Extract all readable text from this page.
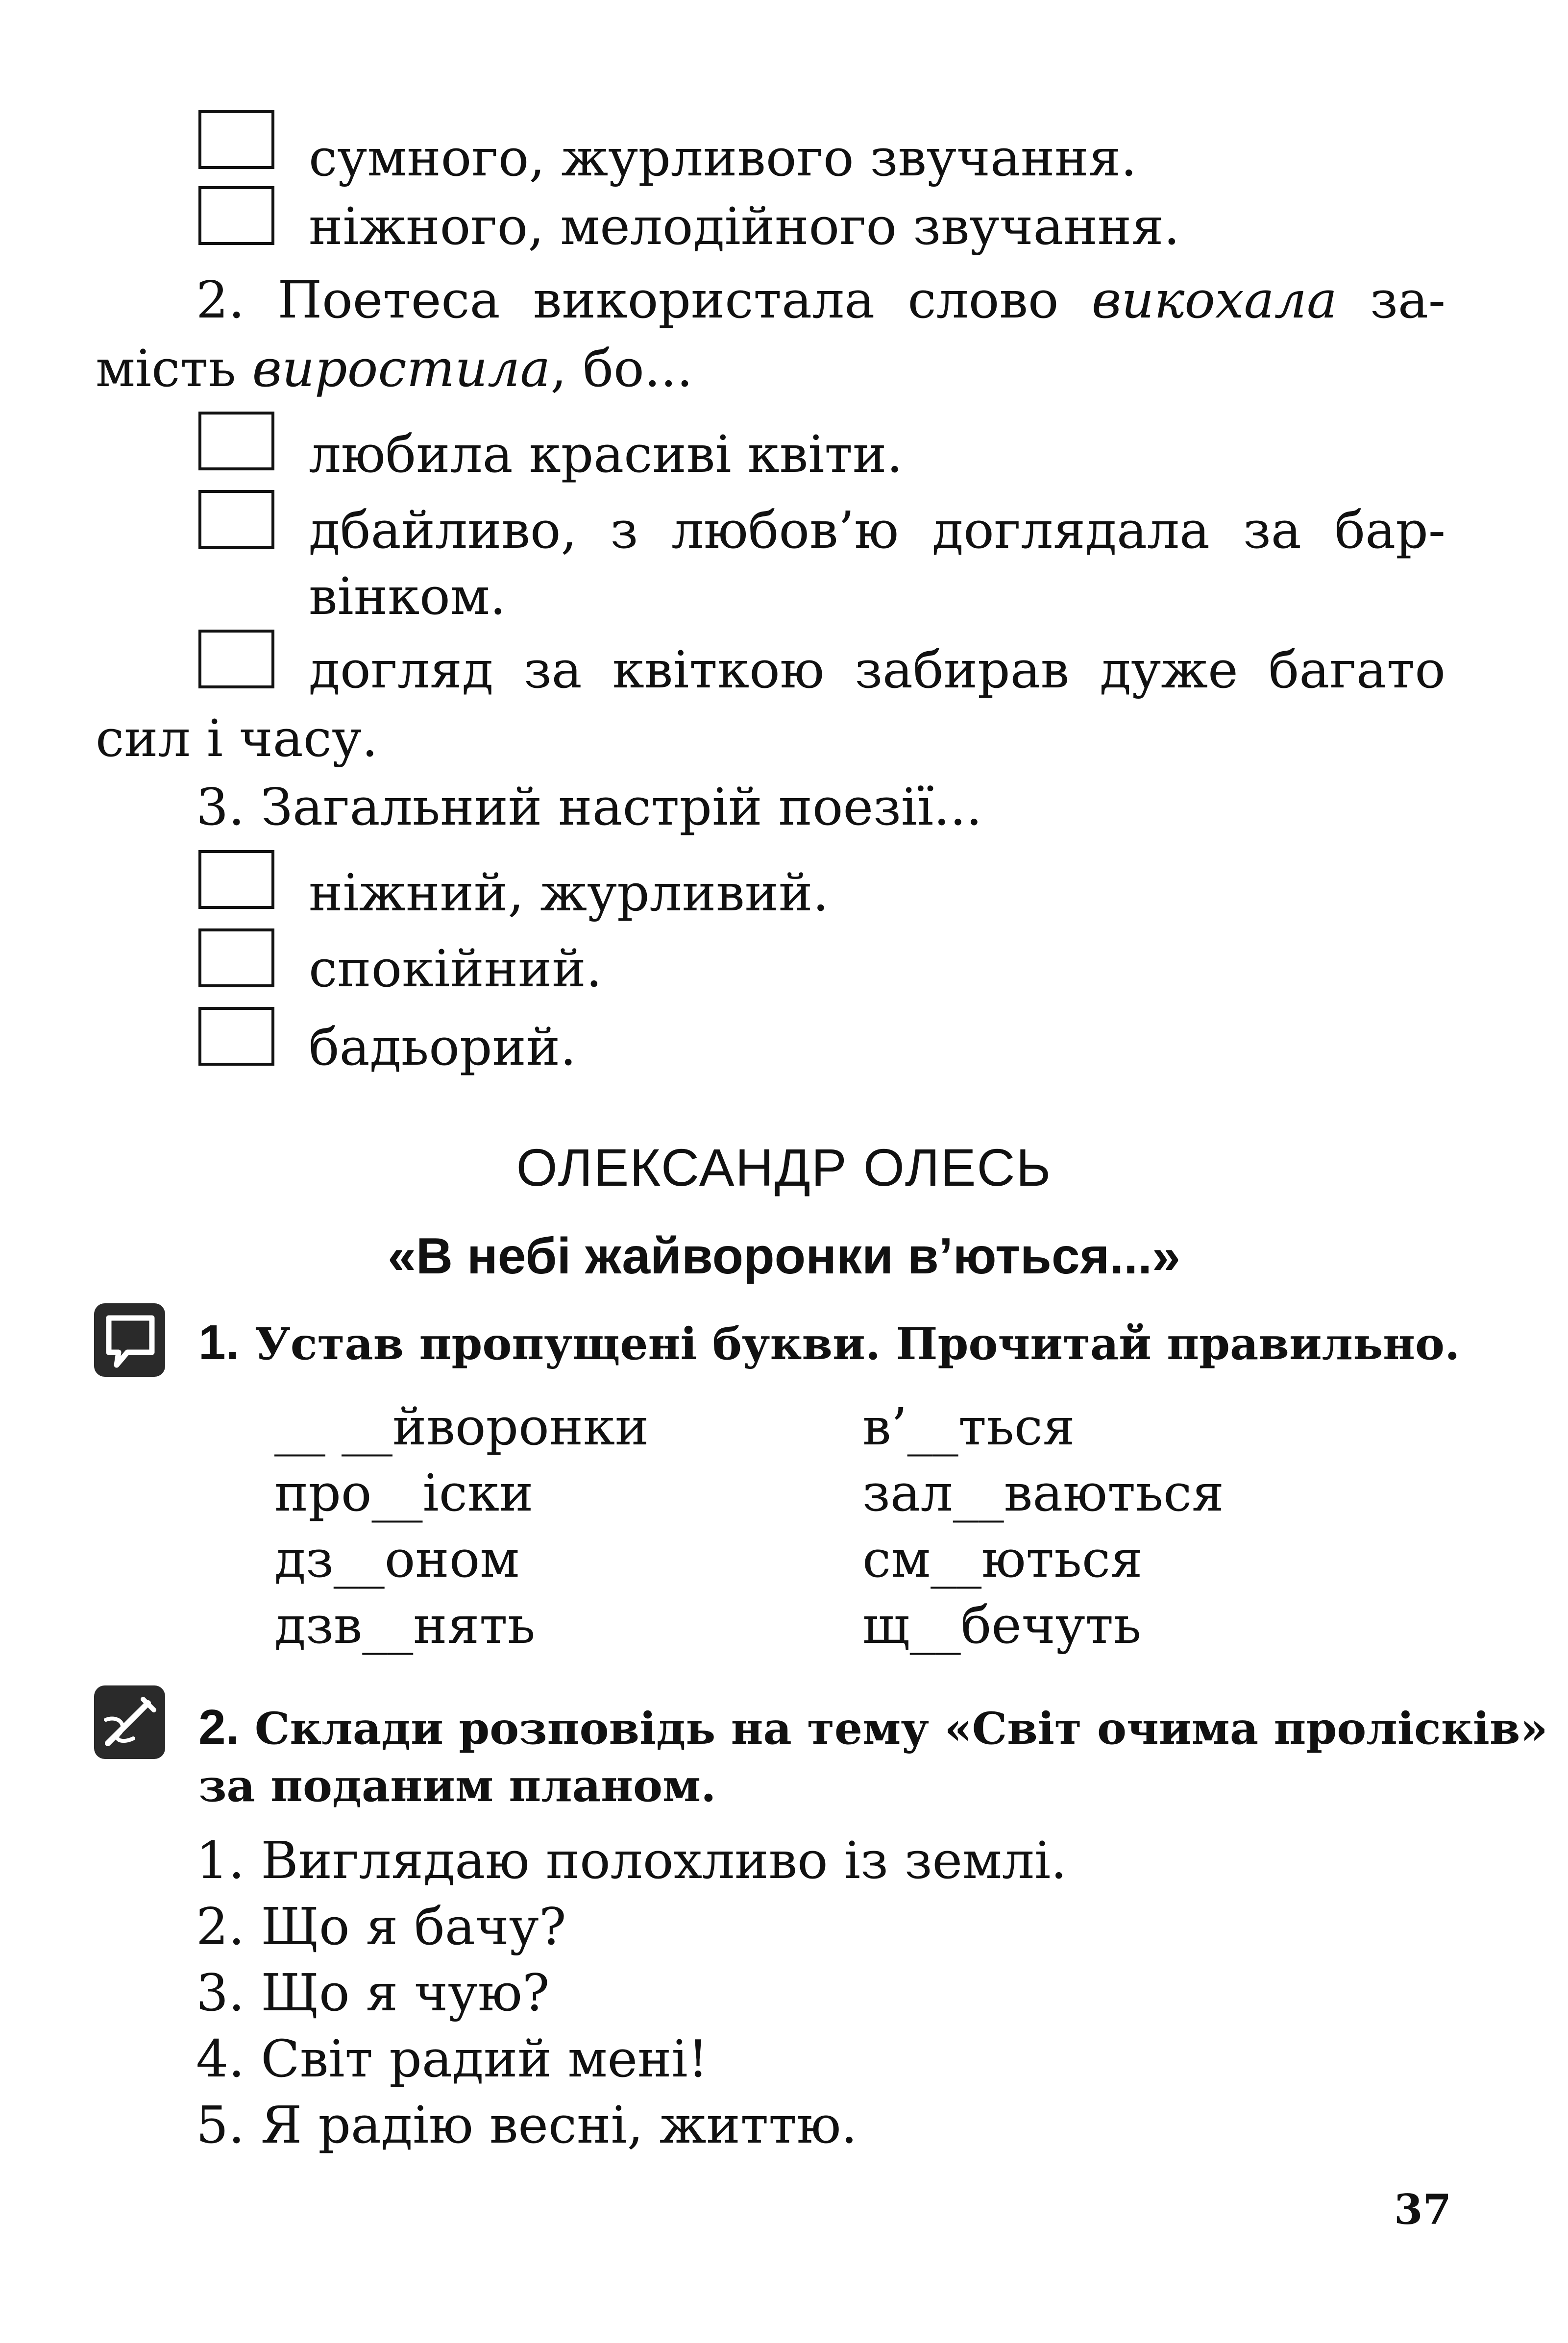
сумного, журливого звучання.
ніжного, мелодійного звучання.
2. Поетеса використала слово викохала за-
мість виростила, бо...
любила красиві квіти.
дбайливо, з любов’ю доглядала за бар-
вінком.
догляд за квіткою забирав дуже багато
сил і часу.
3. Загальний настрій поезії...
ніжний, журливий.
спокійний.
бадьорий.
ОЛЕКСАНДР ОЛЕСЬ
«В небі жайворонки в’ються...»
1. Устав пропущені букви. Прочитай правильно.
__ __йворонки
про__іски
дз__оном
дзв__нять
в’__ться
зал__ваються
см__ються
щ__бечуть
2. Склади розповідь на тему «Світ очима пролісків»
за поданим планом.
1. Виглядаю полохливо із землі.
2. Що я бачу?
3. Що я чую?
4. Світ радий мені!
5. Я радію весні, життю.
37
